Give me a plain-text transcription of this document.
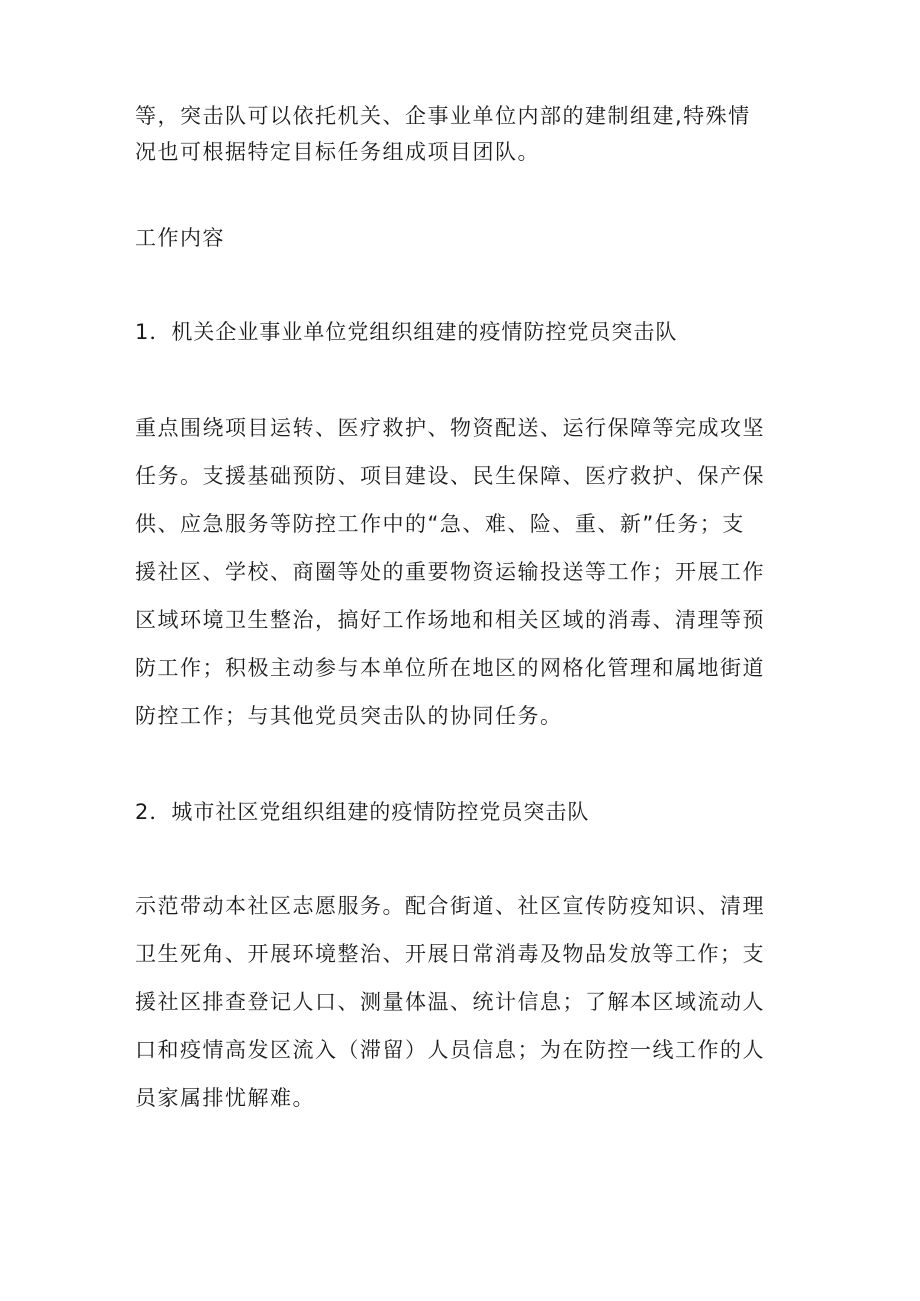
等，突击队可以依托机关、企事业单位内部的建制组建,特殊情
况也可根据特定目标任务组成项目团队。
工作内容
1．机关企业事业单位党组织组建的疫情防控党员突击队
重点围绕项目运转、医疗救护、物资配送、运行保障等完成攻坚
任务。支援基础预防、项目建设、民生保障、医疗救护、保产保
供、应急服务等防控工作中的“急、难、险、重、新”任务；支
援社区、学校、商圈等处的重要物资运输投送等工作；开展工作
区域环境卫生整治，搞好工作场地和相关区域的消毒、清理等预
防工作；积极主动参与本单位所在地区的网格化管理和属地街道
防控工作；与其他党员突击队的协同任务。
2．城市社区党组织组建的疫情防控党员突击队
示范带动本社区志愿服务。配合街道、社区宣传防疫知识、清理
卫生死角、开展环境整治、开展日常消毒及物品发放等工作；支
援社区排查登记人口、测量体温、统计信息；了解本区域流动人
口和疫情高发区流入（滞留）人员信息；为在防控一线工作的人
员家属排忧解难。
